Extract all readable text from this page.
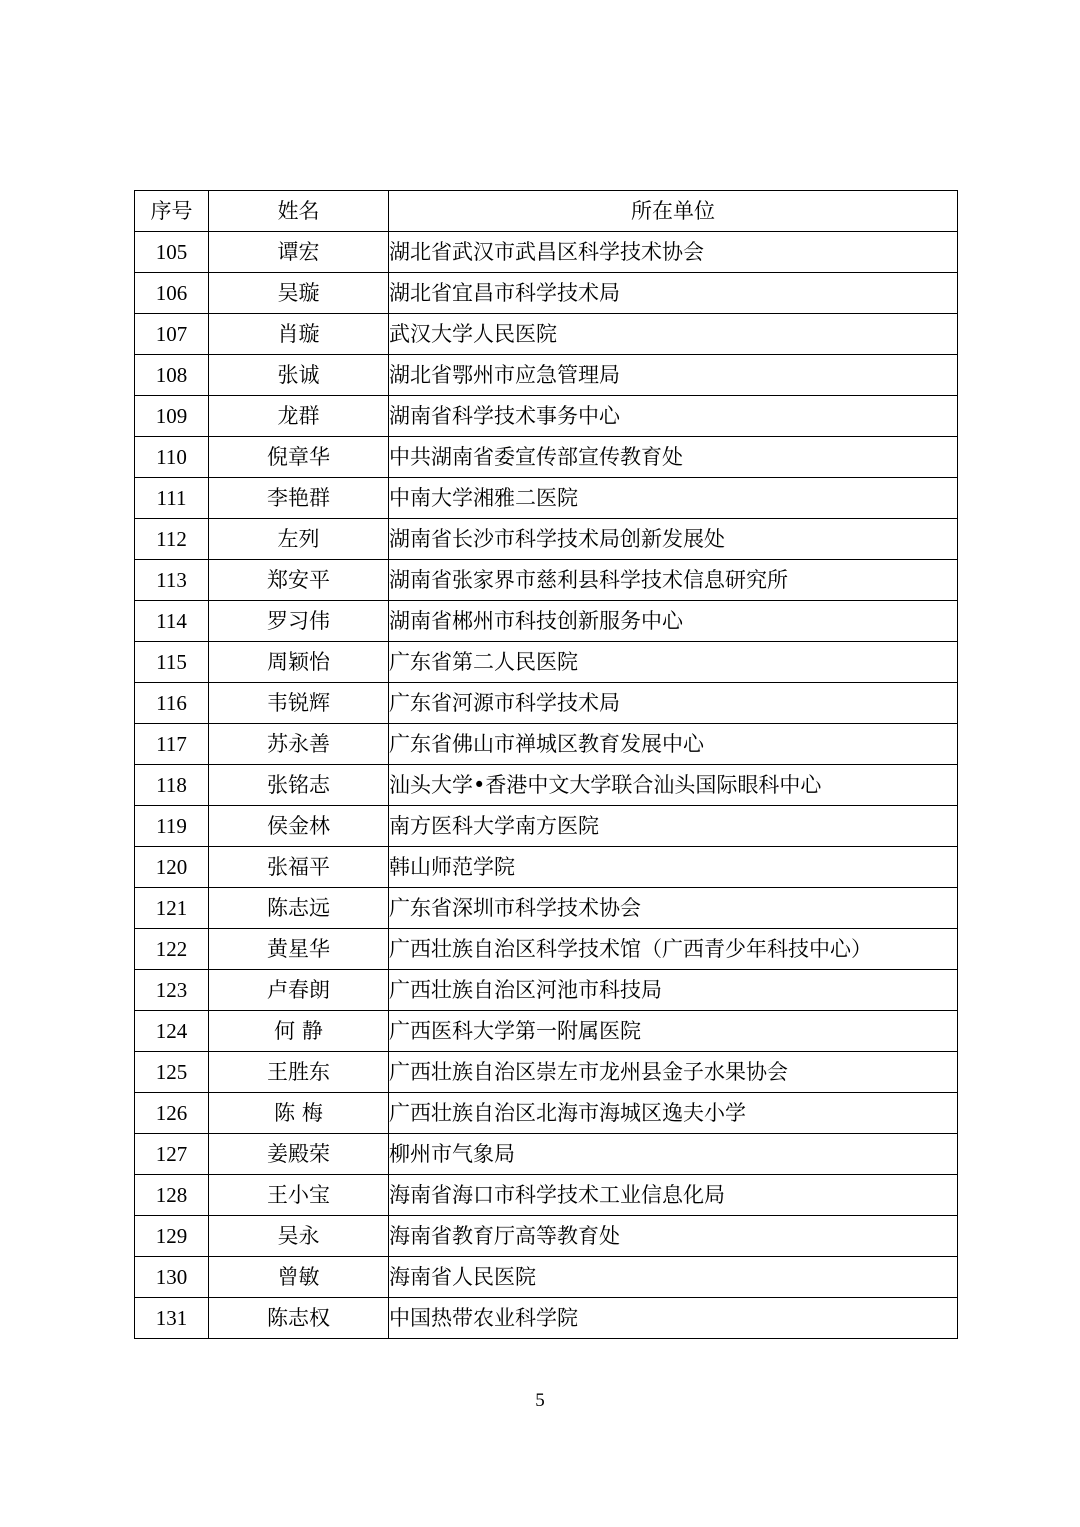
序号	姓名	所在单位
105	谭宏	湖北省武汉市武昌区科学技术协会
106	吴璇	湖北省宜昌市科学技术局
107	肖璇	武汉大学人民医院
108	张诚	湖北省鄂州市应急管理局
109	龙群	湖南省科学技术事务中心
110	倪章华	中共湖南省委宣传部宣传教育处
111	李艳群	中南大学湘雅二医院
112	左列	湖南省长沙市科学技术局创新发展处
113	郑安平	湖南省张家界市慈利县科学技术信息研究所
114	罗习伟	湖南省郴州市科技创新服务中心
115	周颖怡	广东省第二人民医院
116	韦锐辉	广东省河源市科学技术局
117	苏永善	广东省佛山市禅城区教育发展中心
118	张铭志	汕头大学•香港中文大学联合汕头国际眼科中心
119	侯金林	南方医科大学南方医院
120	张福平	韩山师范学院
121	陈志远	广东省深圳市科学技术协会
122	黄星华	广西壮族自治区科学技术馆（广西青少年科技中心）
123	卢春朗	广西壮族自治区河池市科技局
124	何 静	广西医科大学第一附属医院
125	王胜东	广西壮族自治区崇左市龙州县金子水果协会
126	陈 梅	广西壮族自治区北海市海城区逸夫小学
127	姜殿荣	柳州市气象局
128	王小宝	海南省海口市科学技术工业信息化局
129	吴永	海南省教育厅高等教育处
130	曾敏	海南省人民医院
131	陈志权	中国热带农业科学院
5
